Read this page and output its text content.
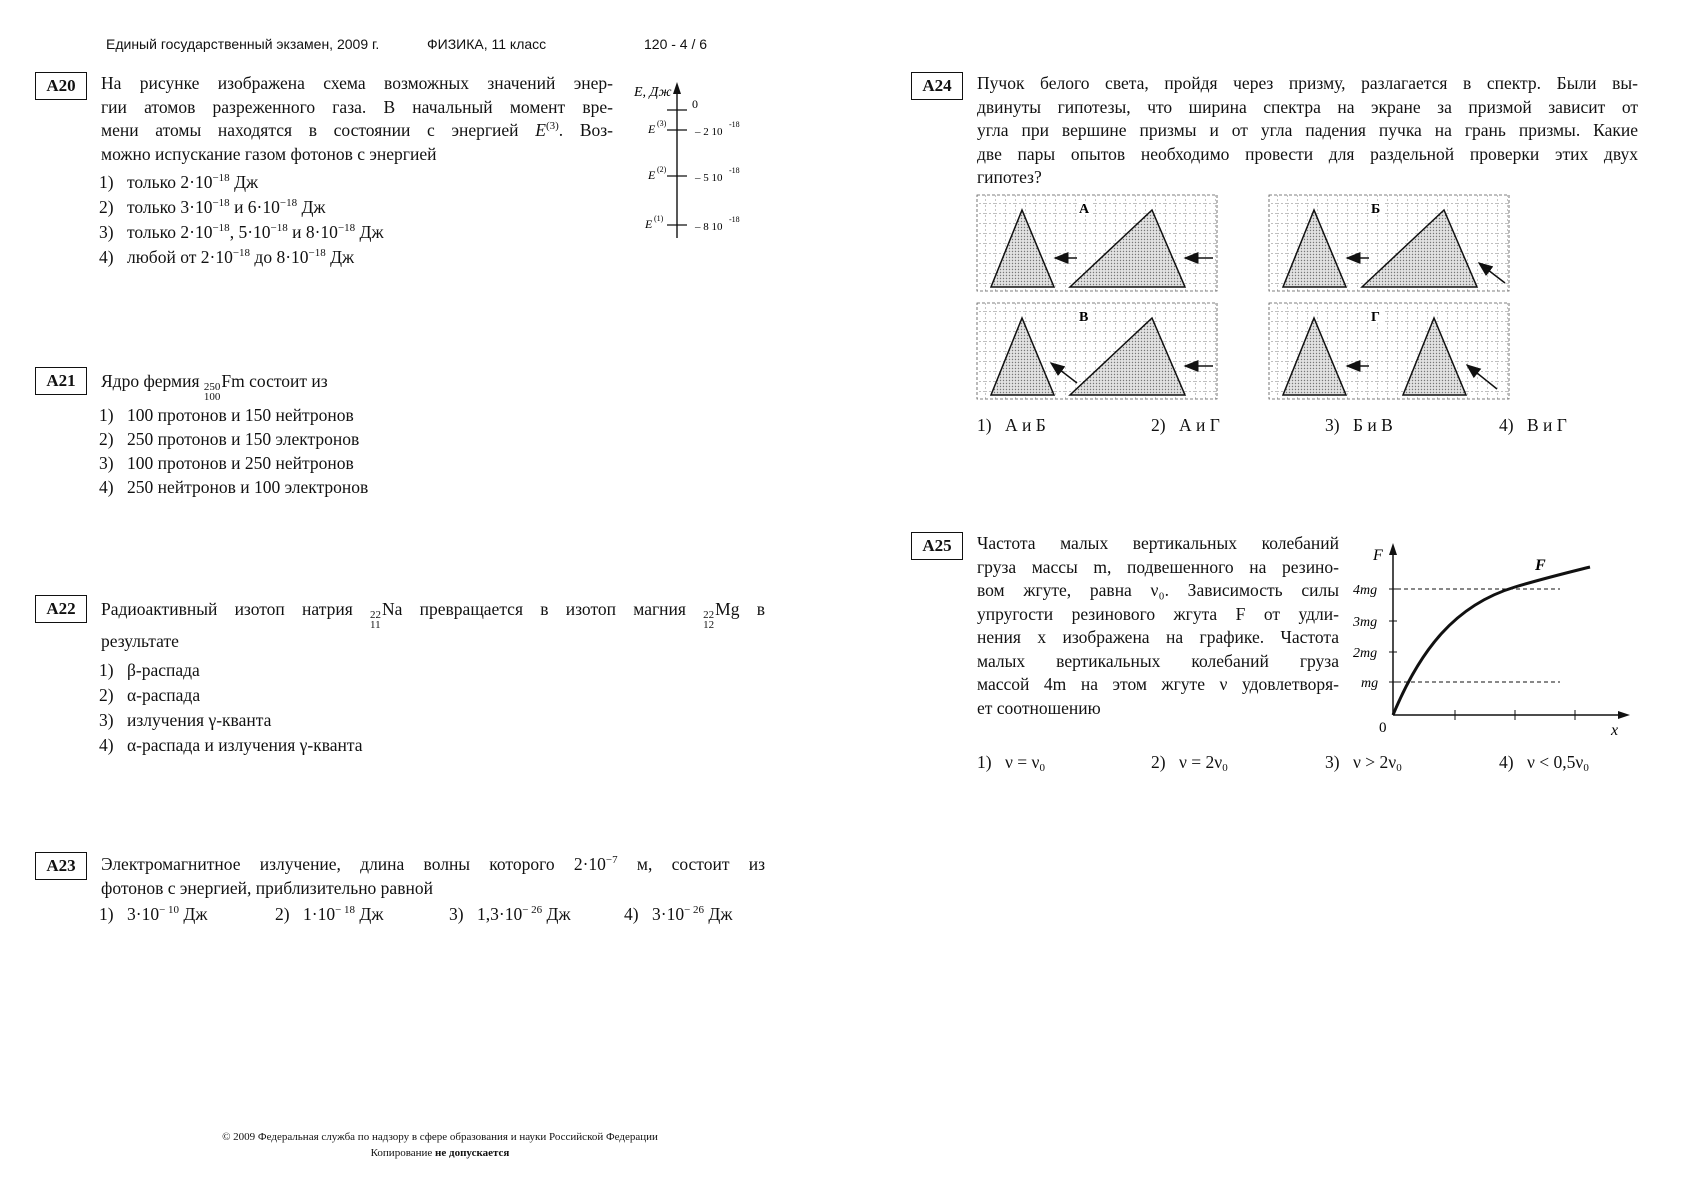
Единый государственный экзамен, 2009 г.	ФИЗИКА, 11 класс	120 - 4 / 6
A20	На рисунке изображена схема возможных значений энер-
гии атомов разреженного газа. В начальный момент вре-
мени атомы находятся в состоянии с энергией $E^{(3)}$. Воз-
можно испускание газом фотонов с энергией
1) только $2\cdot 10^{-18}$ Дж
2) только $3\cdot 10^{-18}$ и $6\cdot 10^{-18}$ Дж
3) только $2\cdot 10^{-18}$, $5\cdot 10^{-18}$ и $8\cdot 10^{-18}$ Дж
4) любой от $2\cdot 10^{-18}$ до $8\cdot 10^{-18}$ Дж
E, Дж
0
E (3)
– 2 10
-18
E (2)
– 5 10
-18
E (1)
– 8 10
-18
A21	Ядро фермия 250
100
Fm состоит из
1) 100 протонов и 150 нейтронов
2) 250 протонов и 150 электронов
3) 100 протонов и 250 нейтронов
4) 250 нейтронов и 100 электронов
A22	Радиоактивный изотоп натрия 22
11
Na превращается в изотоп магния 22
12
Mg в
результате
1) β-распада
2) α-распада
3) излучения γ-кванта
4) α-распада и излучения γ-кванта
A23	Электромагнитное излучение, длина волны которого $2\cdot 10^{-7}$ м, состоит из
фотонов с энергией, приблизительно равной
1) $3\cdot 10^{- 10}$ Дж	2) $1\cdot 10^{- 18}$ Дж	3) $1,3\cdot 10^{- 26}$ Дж	4) $3\cdot 10^{- 26}$ Дж
A24	Пучок белого света, пройдя через призму, разлагается в спектр. Были вы-
двинуты гипотезы, что ширина спектра на экране за призмой зависит от
угла при вершине призмы и от угла падения пучка на грань призмы. Какие
две пары опытов необходимо провести для раздельной проверки этих двух
гипотез?
А	Б
В	Г
1) А и Б	2) А и Г	3) Б и В	4) В и Г
A25	Частота малых вертикальных колебаний
груза массы m, подвешенного на резино-
вом жгуте, равна ν₀. Зависимость силы
упругости резинового жгута F от удли-
нения x изображена на графике. Частота
малых вертикальных колебаний груза
массой 4m на этом жгуте ν удовлетворя-
ет соотношению
F
x
0
4mg
3mg
2mg
mg
F
1) $\nu = \nu_0$	2) $\nu = 2\nu_0$	3) $\nu > 2\nu_0$	4) $\nu < 0,5\nu_0$
© 2009 Федеральная служба по надзору в сфере образования и науки Российской Федерации
Копирование не допускается
